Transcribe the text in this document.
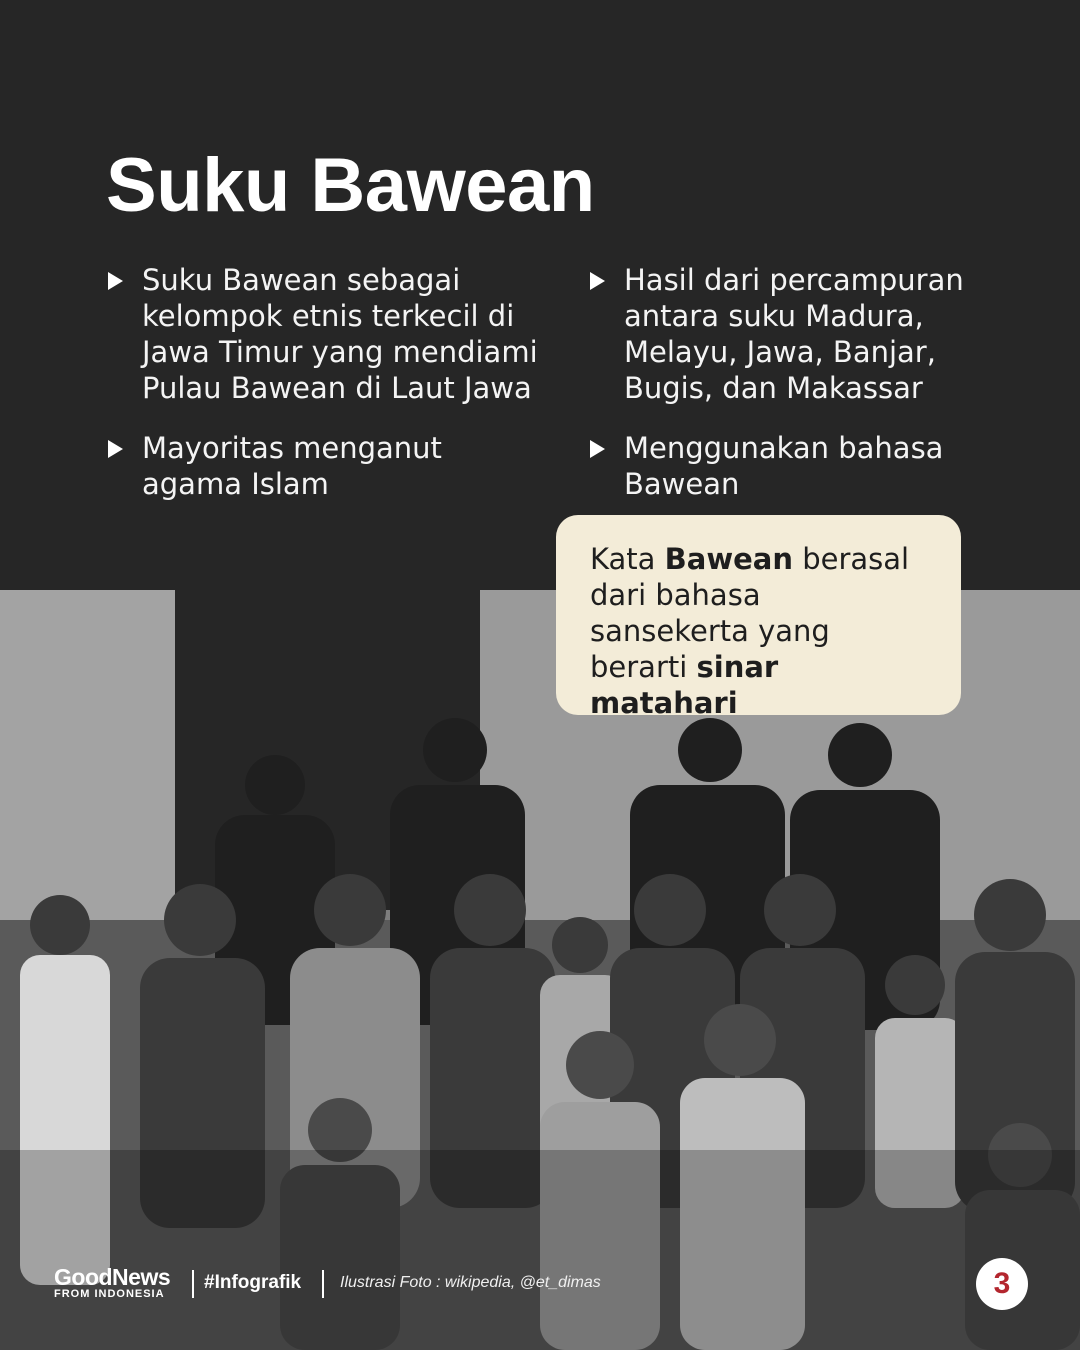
Suku Bawean
Suku Bawean sebagai kelompok etnis terkecil di Jawa Timur yang mendiami Pulau Bawean di Laut Jawa
Mayoritas menganut agama Islam
Hasil dari percampuran antara suku Madura, Melayu, Jawa, Banjar, Bugis, dan Makassar
Menggunakan bahasa Bawean
Kata Bawean berasal dari bahasa sansekerta yang berarti sinar matahari
GoodNews
FROM INDONESIA
#Infografik Ilustrasi Foto : wikipedia, @et_dimas	3
